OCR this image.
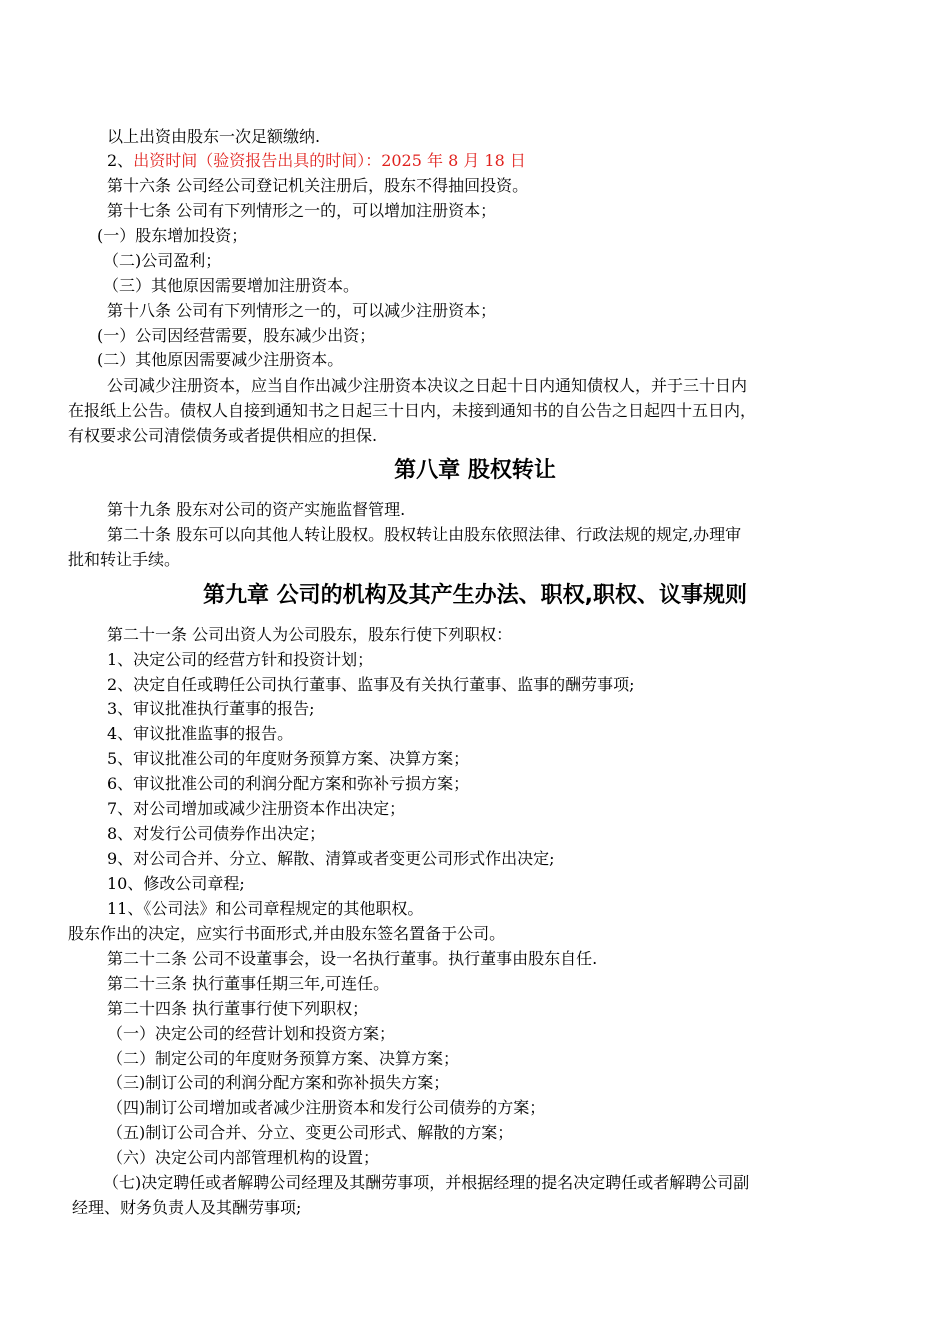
以上出资由股东一次足额缴纳.
2、出资时间（验资报告出具的时间）：2025 年 8 月 18 日
第十六条 公司经公司登记机关注册后，股东不得抽回投资。
第十七条 公司有下列情形之一的，可以增加注册资本；
(一）股东增加投资；
（二)公司盈利；
（三）其他原因需要增加注册资本。
第十八条 公司有下列情形之一的，可以减少注册资本；
(一）公司因经营需要，股东减少出资；
(二）其他原因需要减少注册资本。
公司减少注册资本，应当自作出减少注册资本决议之日起十日内通知债权人，并于三十日内
在报纸上公告。债权人自接到通知书之日起三十日内，未接到通知书的自公告之日起四十五日内，
有权要求公司清偿债务或者提供相应的担保.
第八章 股权转让
第十九条 股东对公司的资产实施监督管理.
第二十条 股东可以向其他人转让股权。股权转让由股东依照法律、行政法规的规定,办理审
批和转让手续。
第九章 公司的机构及其产生办法、职权,职权、议事规则
第二十一条 公司出资人为公司股东，股东行使下列职权：
1、决定公司的经营方针和投资计划；
2、决定自任或聘任公司执行董事、监事及有关执行董事、监事的酬劳事项;
3、审议批准执行董事的报告;
4、审议批准监事的报告。
5、审议批准公司的年度财务预算方案、决算方案；
6、审议批准公司的利润分配方案和弥补亏损方案；
7、对公司增加或减少注册资本作出决定；
8、对发行公司债券作出决定；
9、对公司合并、分立、解散、清算或者变更公司形式作出决定;
10、修改公司章程;
11、《公司法》和公司章程规定的其他职权。
股东作出的决定，应实行书面形式,并由股东签名置备于公司。
第二十二条 公司不设董事会，设一名执行董事。执行董事由股东自任.
第二十三条 执行董事任期三年,可连任。
第二十四条 执行董事行使下列职权；
（一）决定公司的经营计划和投资方案；
（二）制定公司的年度财务预算方案、决算方案；
（三)制订公司的利润分配方案和弥补损失方案；
（四)制订公司增加或者减少注册资本和发行公司债券的方案；
（五)制订公司合并、分立、变更公司形式、解散的方案；
（六）决定公司内部管理机构的设置；
（七)决定聘任或者解聘公司经理及其酬劳事项，并根据经理的提名决定聘任或者解聘公司副
经理、财务负责人及其酬劳事项;
